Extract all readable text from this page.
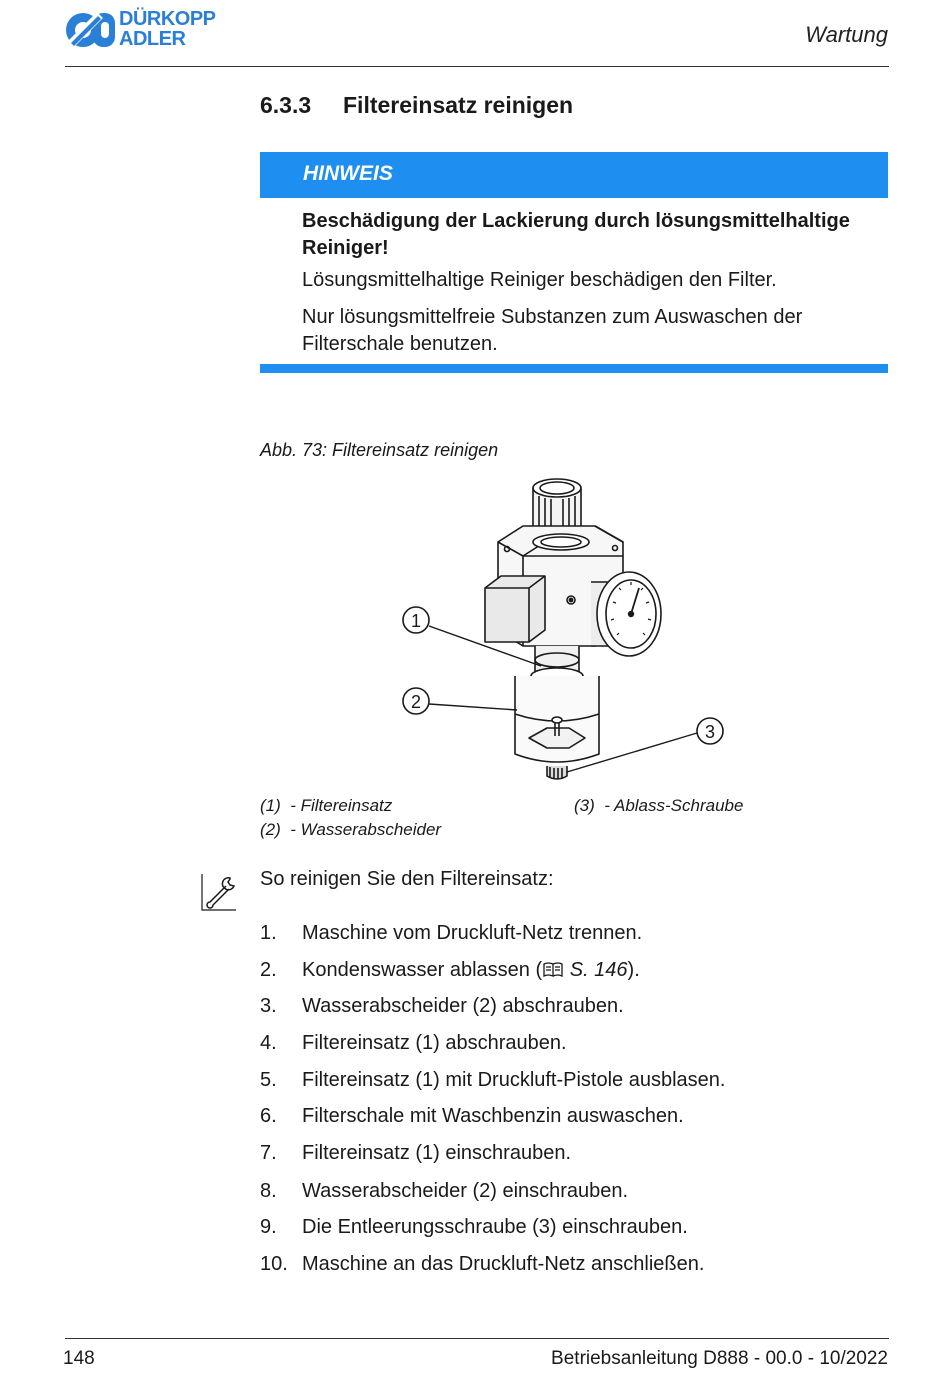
DÜRKOPP
ADLER	Wartung
6.3.3 Filtereinsatz reinigen
HINWEIS
Beschädigung der Lackierung durch lösungsmittelhaltige Reiniger!
Lösungsmittelhaltige Reiniger beschädigen den Filter.
Nur lösungsmittelfreie Substanzen zum Auswaschen der Filterschale benutzen.
Abb. 73: Filtereinsatz reinigen
1
2
3
(1) - Filtereinsatz
(2) - Wasserabscheider
(3) - Ablass-Schraube
So reinigen Sie den Filtereinsatz:
1. Maschine vom Druckluft-Netz trennen.
2. Kondenswasser ablassen ( S. 146).
3. Wasserabscheider (2) abschrauben.
4. Filtereinsatz (1) abschrauben.
5. Filtereinsatz (1) mit Druckluft-Pistole ausblasen.
6. Filterschale mit Waschbenzin auswaschen.
7. Filtereinsatz (1) einschrauben.
8. Wasserabscheider (2) einschrauben.
9. Die Entleerungsschraube (3) einschrauben.
10. Maschine an das Druckluft-Netz anschließen.
148	Betriebsanleitung D888 - 00.0 - 10/2022
